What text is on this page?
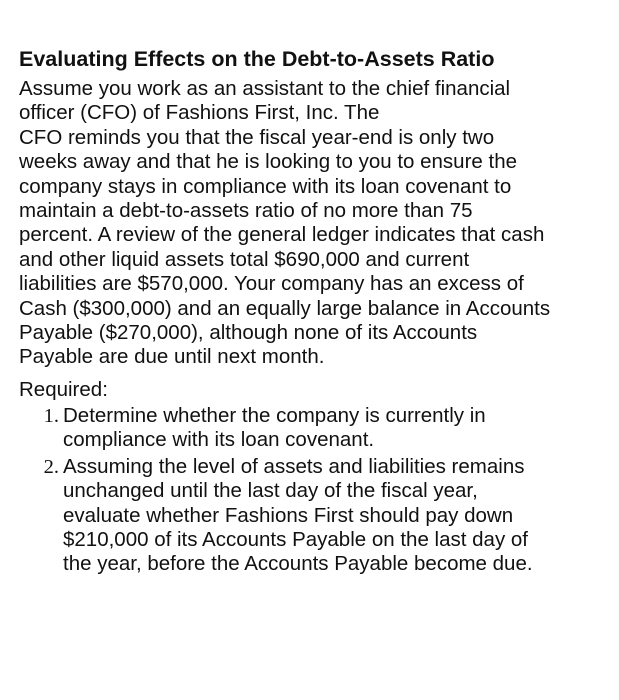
Evaluating Effects on the Debt-to-Assets Ratio

Assume you work as an assistant to the chief financial
officer (CFO) of Fashions First, Inc. The
CFO reminds you that the fiscal year-end is only two
weeks away and that he is looking to you to ensure the
company stays in compliance with its loan covenant to
maintain a debt-to-assets ratio of no more than 75
percent. A review of the general ledger indicates that cash
and other liquid assets total $690,000 and current
liabilities are $570,000. Your company has an excess of
Cash ($300,000) and an equally large balance in Accounts
Payable ($270,000), although none of its Accounts
Payable are due until next month.

Required:

1. Determine whether the company is currently in
compliance with its loan covenant.
2. Assuming the level of assets and liabilities remains
unchanged until the last day of the fiscal year,
evaluate whether Fashions First should pay down
$210,000 of its Accounts Payable on the last day of
the year, before the Accounts Payable become due.
